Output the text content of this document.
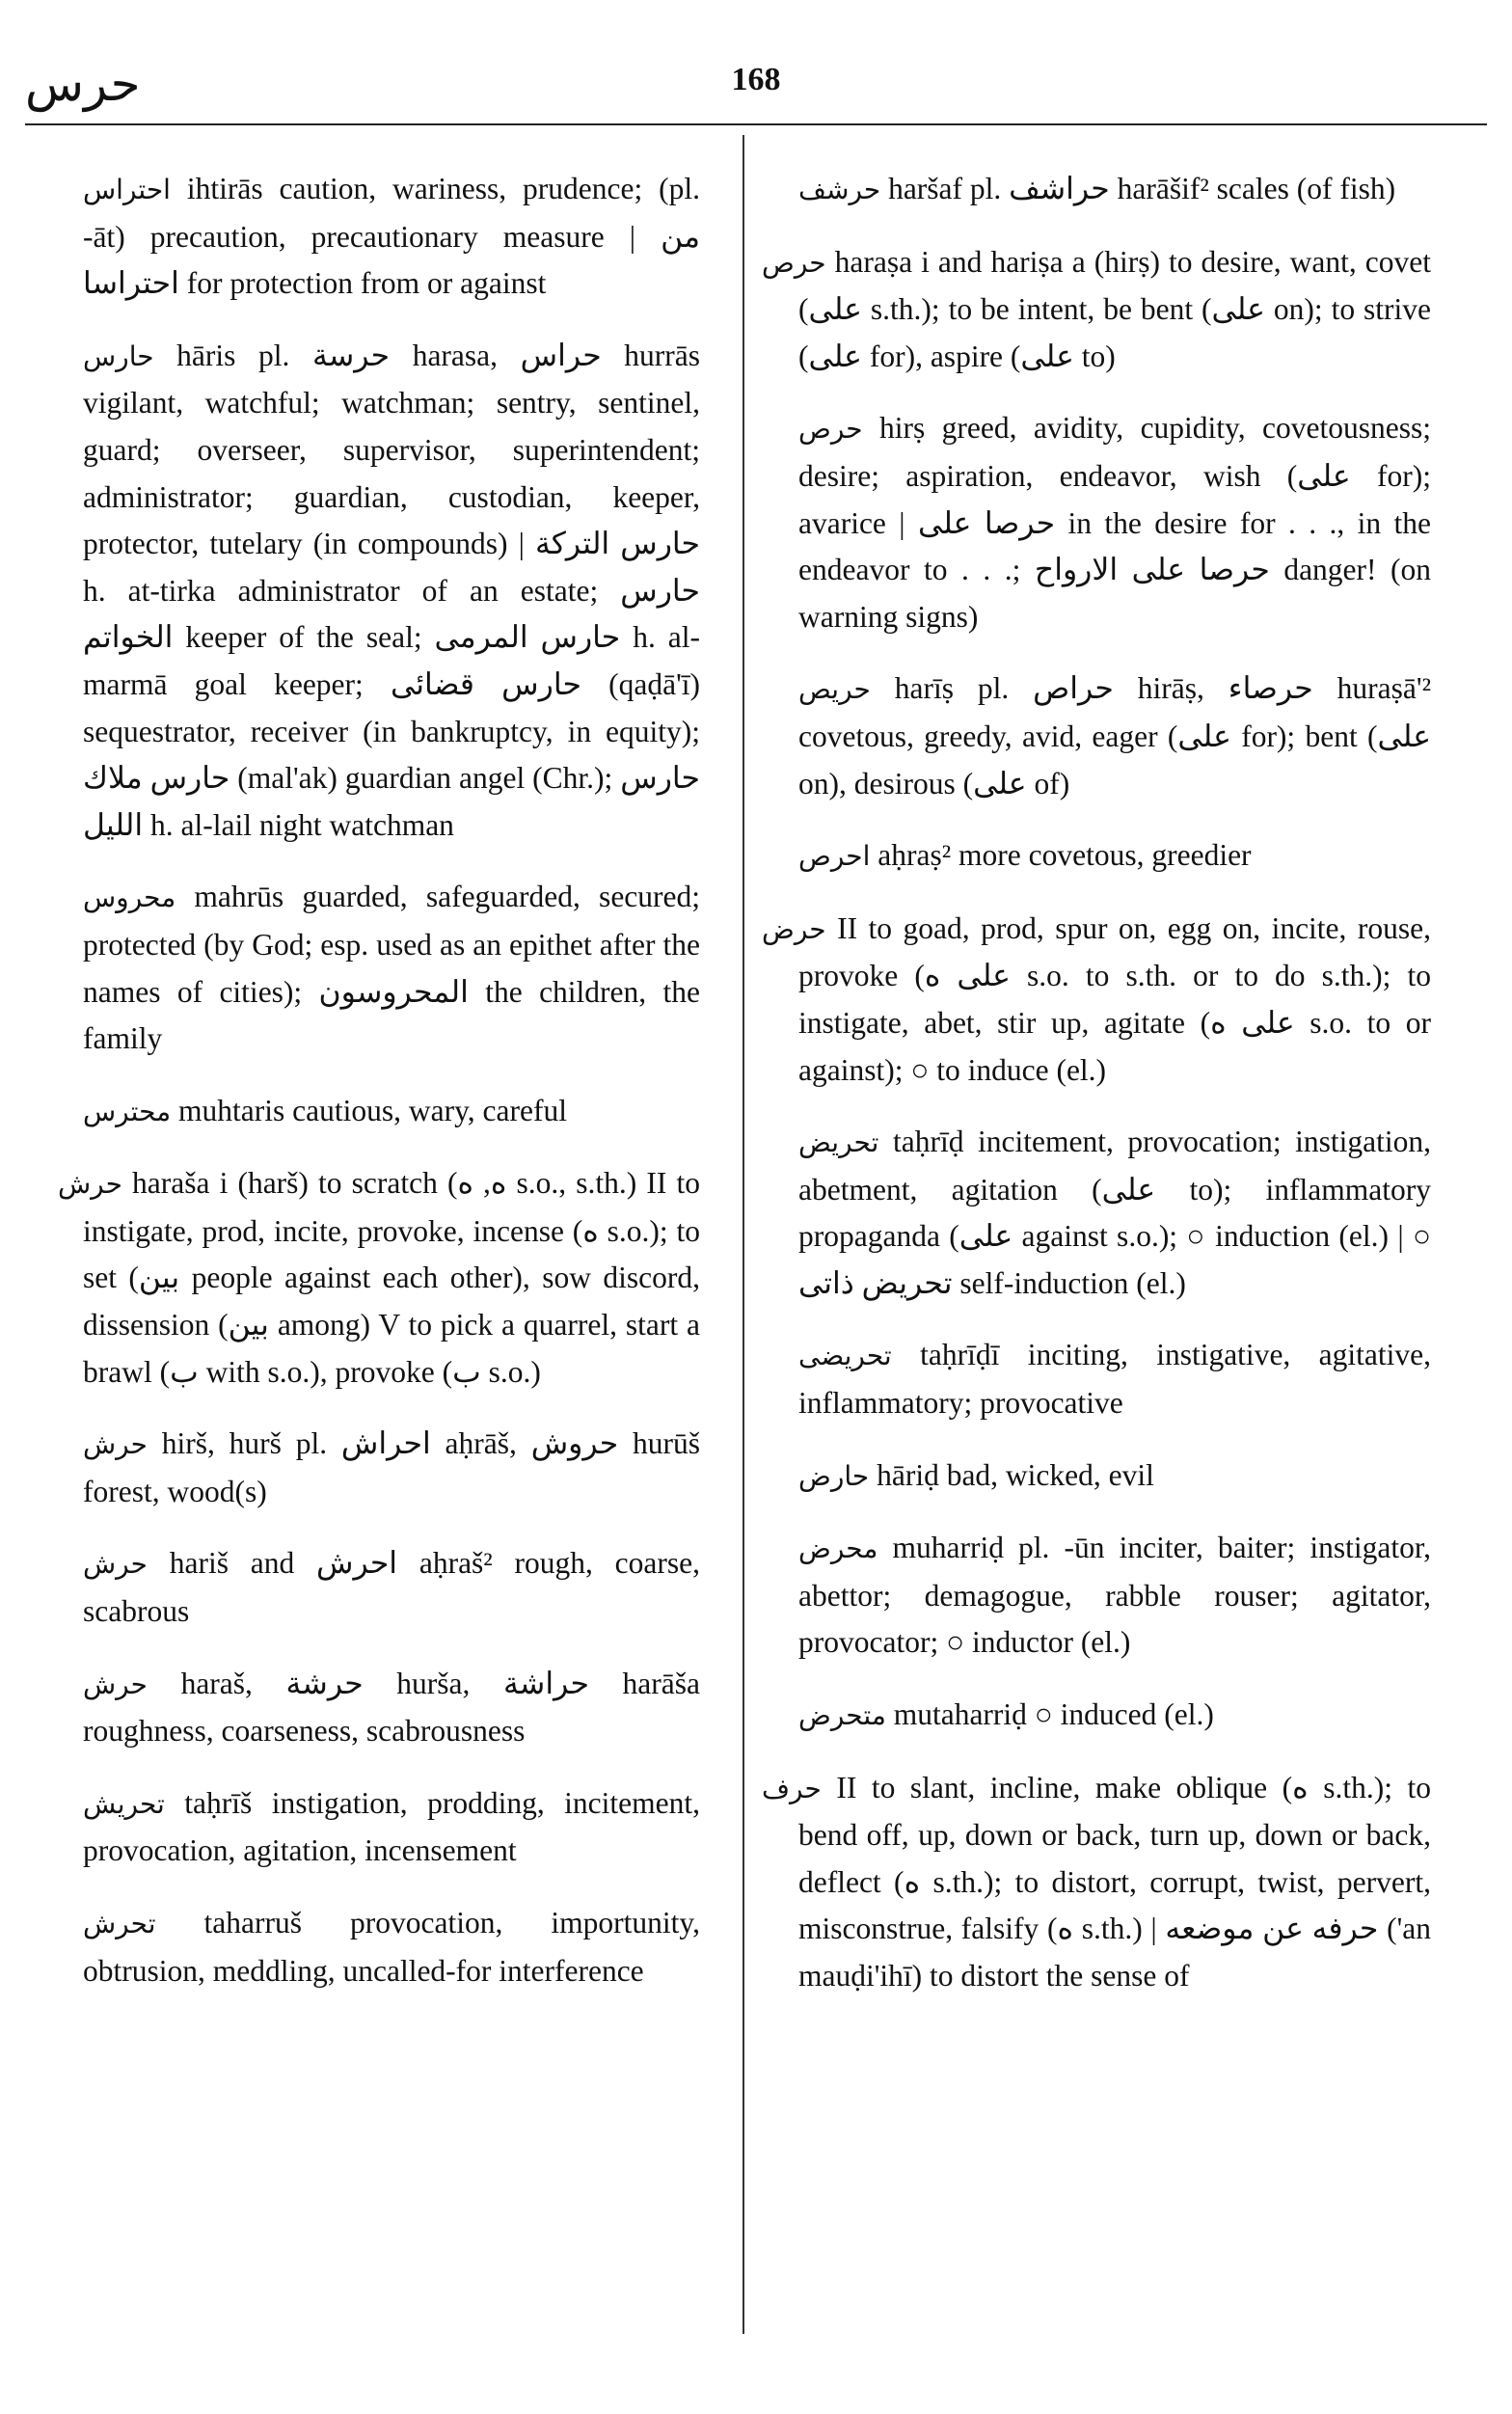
حرس	168

احتراس ihtirās caution, wariness, prudence; (pl. -āt) precaution, precautionary measure | من احتراسا for protection from or against

حارس hāris pl. حرسة harasa, حراس hurrās vigilant, watchful; watchman; sentry, sentinel, guard; overseer, supervisor, superintendent; administrator; guardian, custodian, keeper, protector, tutelary (in compounds) | حارس التركة h. at-tirka administrator of an estate; حارس الخواتم keeper of the seal; حارس المرمى h. al-marmā goal keeper; حارس قضائى (qaḍā'ī) sequestrator, receiver (in bankruptcy, in equity); حارس ملاك (mal'ak) guardian angel (Chr.); حارس الليل h. al-lail night watchman

محروس mahrūs guarded, safeguarded, secured; protected (by God; esp. used as an epithet after the names of cities); المحروسون the children, the family

محترس muhtaris cautious, wary, careful

حرش haraša i (harš) to scratch (ه, ه s.o., s.th.) II to instigate, prod, incite, provoke, incense (ه s.o.); to set (بين people against each other), sow discord, dissension (بين among) V to pick a quarrel, start a brawl (ب with s.o.), provoke (ب s.o.)

حرش hirš, hurš pl. احراش aḥrāš, حروش hurūš forest, wood(s)

حرش hariš and احرش aḥraš² rough, coarse, scabrous

حرش haraš, حرشة hurša, حراشة harāša roughness, coarseness, scabrousness

تحريش taḥrīš instigation, prodding, incitement, provocation, agitation, incensement

تحرش taharruš provocation, importunity, obtrusion, meddling, uncalled-for interference

حرشف haršaf pl. حراشف harāšif² scales (of fish)

حرص haraṣa i and hariṣa a (hirṣ) to desire, want, covet (على s.th.); to be intent, be bent (على on); to strive (على for), aspire (على to)

حرص hirṣ greed, avidity, cupidity, covetousness; desire; aspiration, endeavor, wish (على for); avarice | حرصا على in the desire for . . ., in the endeavor to . . .; حرصا على الارواح danger! (on warning signs)

حريص harīṣ pl. حراص hirāṣ, حرصاء huraṣā'² covetous, greedy, avid, eager (على for); bent (على on), desirous (على of)

احرص aḥraṣ² more covetous, greedier

حرض II to goad, prod, spur on, egg on, incite, rouse, provoke (على ه s.o. to s.th. or to do s.th.); to instigate, abet, stir up, agitate (على ه s.o. to or against); ○ to induce (el.)

تحريض taḥrīḍ incitement, provocation; instigation, abetment, agitation (على to); inflammatory propaganda (على against s.o.); ○ induction (el.) | ○ تحريض ذاتى self-induction (el.)

تحريضى taḥrīḍī inciting, instigative, agitative, inflammatory; provocative

حارض hāriḍ bad, wicked, evil

محرض muharriḍ pl. -ūn inciter, baiter; instigator, abettor; demagogue, rabble rouser; agitator, provocator; ○ inductor (el.)

متحرض mutaharriḍ ○ induced (el.)

حرف II to slant, incline, make oblique (ه s.th.); to bend off, up, down or back, turn up, down or back, deflect (ه s.th.); to distort, corrupt, twist, pervert, misconstrue, falsify (ه s.th.) | حرفه عن موضعه ('an mauḍi'ihī) to distort the sense of
